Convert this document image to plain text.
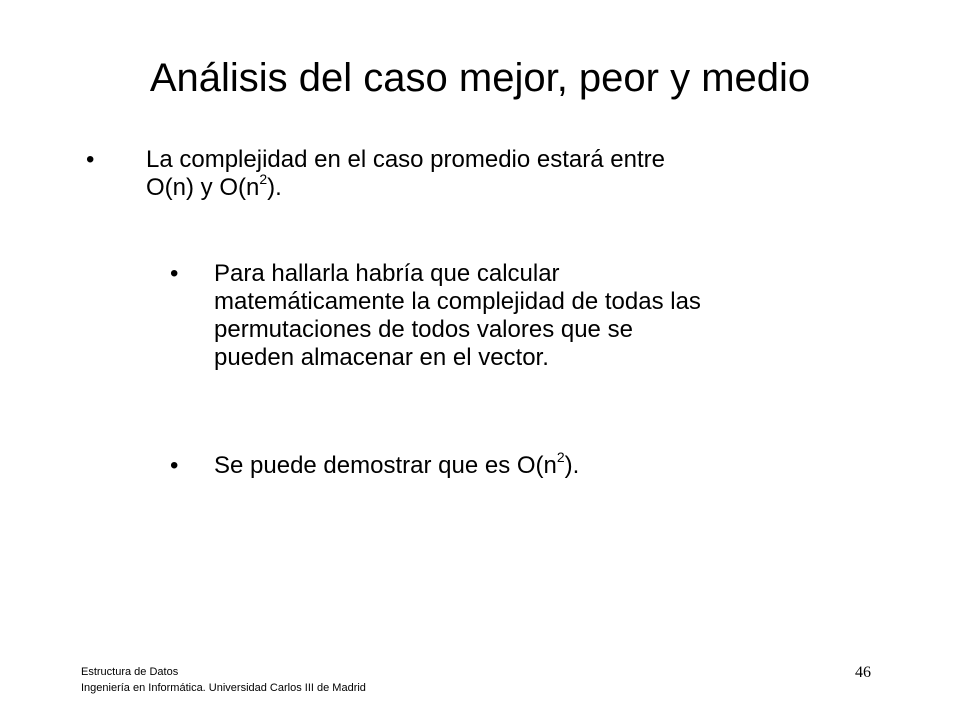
Análisis del caso mejor, peor y medio
• La complejidad en el caso promedio estará entre
O(n) y $O(n^2)$.
• Para hallarla habría que calcular
matemáticamente la complejidad de todas las
permutaciones de todos valores que se
pueden almacenar en el vector.
• Se puede demostrar que es $O(n^2)$.
Estructura de Datos
Ingeniería en Informática. Universidad Carlos III de Madrid
46
